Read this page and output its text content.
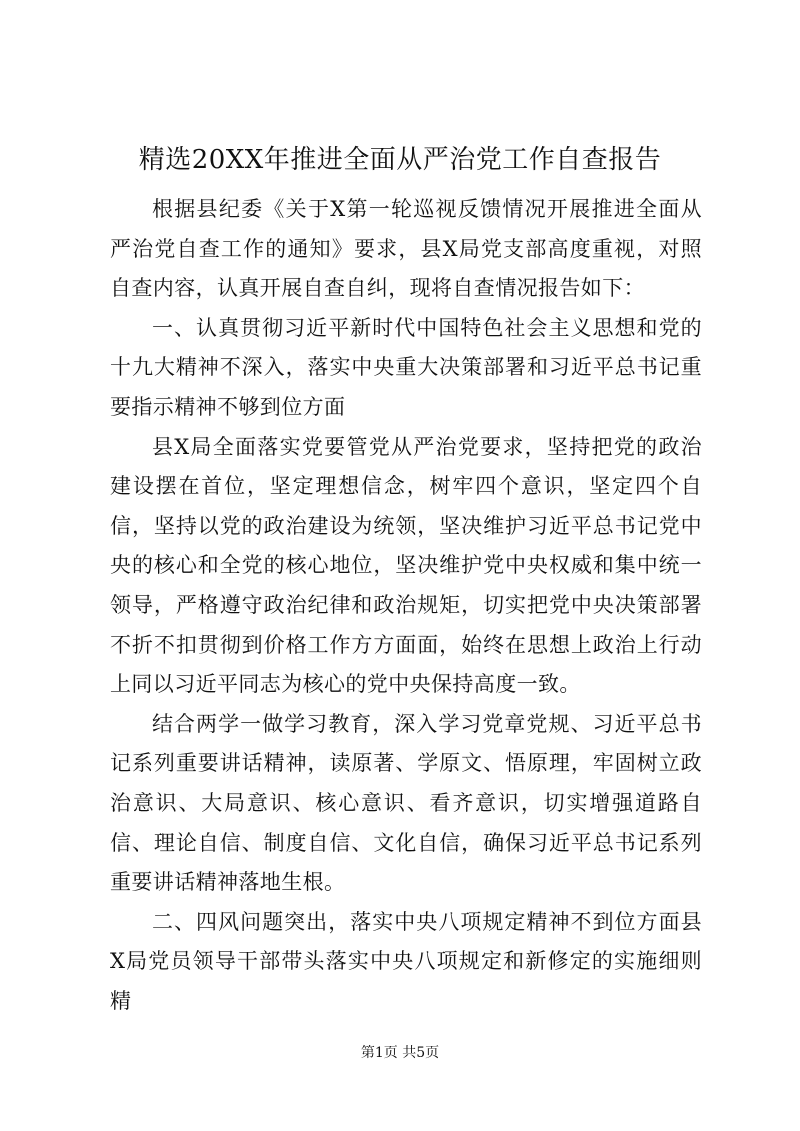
精选20XX年推进全面从严治党工作自查报告

根据县纪委《关于X第一轮巡视反馈情况开展推进全面从严治党自查工作的通知》要求，县X局党支部高度重视，对照自查内容，认真开展自查自纠，现将自查情况报告如下：

一、认真贯彻习近平新时代中国特色社会主义思想和党的十九大精神不深入，落实中央重大决策部署和习近平总书记重要指示精神不够到位方面

县X局全面落实党要管党从严治党要求，坚持把党的政治建设摆在首位，坚定理想信念，树牢四个意识，坚定四个自信，坚持以党的政治建设为统领，坚决维护习近平总书记党中央的核心和全党的核心地位，坚决维护党中央权威和集中统一领导，严格遵守政治纪律和政治规矩，切实把党中央决策部署不折不扣贯彻到价格工作方方面面，始终在思想上政治上行动上同以习近平同志为核心的党中央保持高度一致。

结合两学一做学习教育，深入学习党章党规、习近平总书记系列重要讲话精神，读原著、学原文、悟原理，牢固树立政治意识、大局意识、核心意识、看齐意识，切实增强道路自信、理论自信、制度自信、文化自信，确保习近平总书记系列重要讲话精神落地生根。

二、四风问题突出，落实中央八项规定精神不到位方面县X局党员领导干部带头落实中央八项规定和新修定的实施细则精

第1页 共5页
